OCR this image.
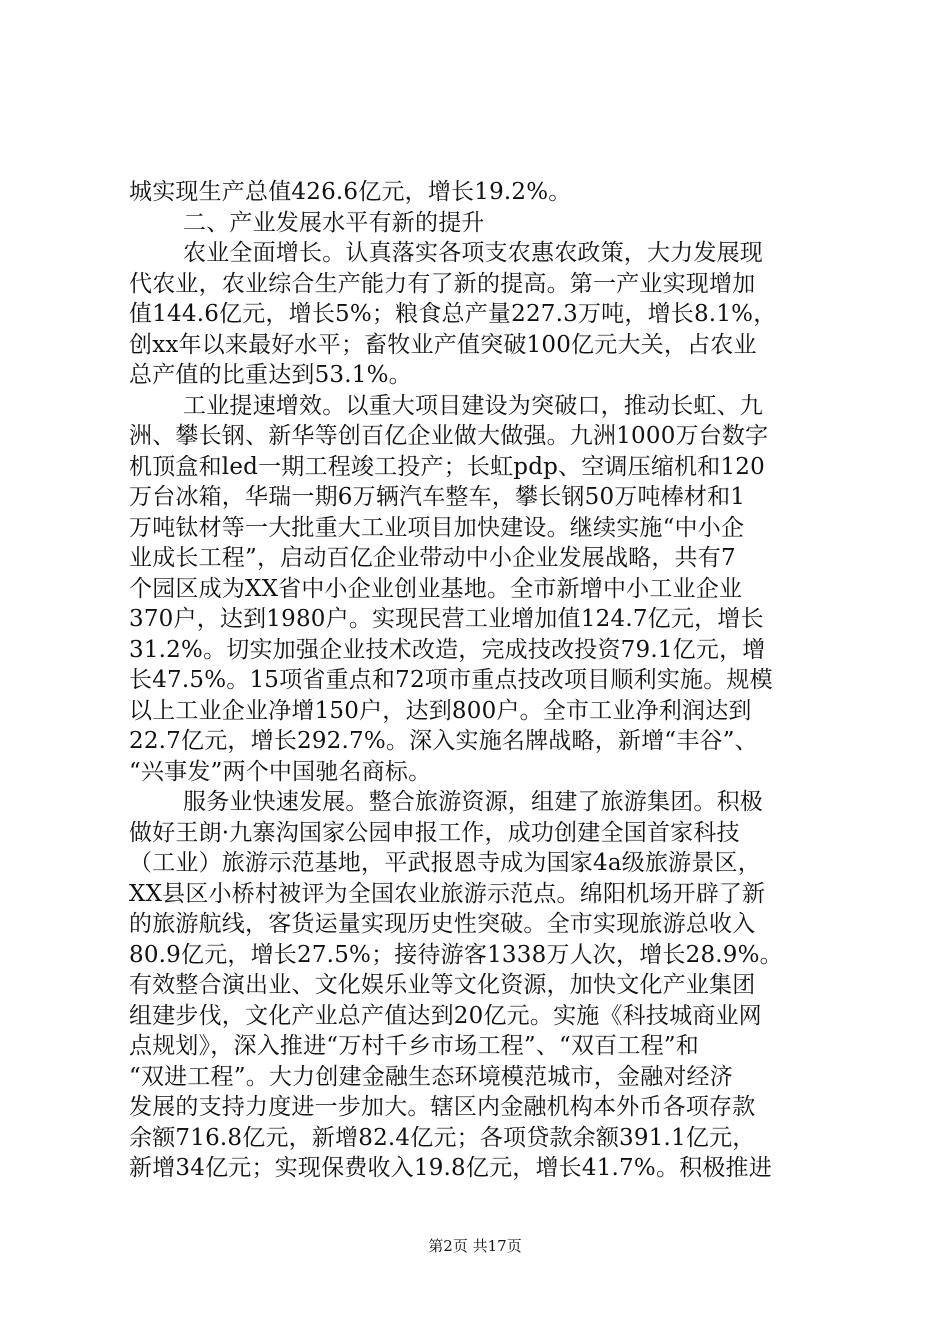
城实现生产总值426.6亿元，增长19.2%。
二、产业发展水平有新的提升
农业全面增长。认真落实各项支农惠农政策，大力发展现
代农业，农业综合生产能力有了新的提高。第一产业实现增加
值144.6亿元，增长5%；粮食总产量227.3万吨，增长8.1%，
创xx年以来最好水平；畜牧业产值突破100亿元大关，占农业
总产值的比重达到53.1%。
工业提速增效。以重大项目建设为突破口，推动长虹、九
洲、攀长钢、新华等创百亿企业做大做强。九洲1000万台数字
机顶盒和led一期工程竣工投产；长虹pdp、空调压缩机和120
万台冰箱，华瑞一期6万辆汽车整车，攀长钢50万吨棒材和1
万吨钛材等一大批重大工业项目加快建设。继续实施“中小企
业成长工程”，启动百亿企业带动中小企业发展战略，共有7
个园区成为XX省中小企业创业基地。全市新增中小工业企业
370户，达到1980户。实现民营工业增加值124.7亿元，增长
31.2%。切实加强企业技术改造，完成技改投资79.1亿元，增
长47.5%。15项省重点和72项市重点技改项目顺利实施。规模
以上工业企业净增150户，达到800户。全市工业净利润达到
22.7亿元，增长292.7%。深入实施名牌战略，新增“丰谷”、
“兴事发”两个中国驰名商标。
服务业快速发展。整合旅游资源，组建了旅游集团。积极
做好王朗·九寨沟国家公园申报工作，成功创建全国首家科技
（工业）旅游示范基地，平武报恩寺成为国家4a级旅游景区，
XX县区小桥村被评为全国农业旅游示范点。绵阳机场开辟了新
的旅游航线，客货运量实现历史性突破。全市实现旅游总收入
80.9亿元，增长27.5%；接待游客1338万人次，增长28.9%。
有效整合演出业、文化娱乐业等文化资源，加快文化产业集团
组建步伐，文化产业总产值达到20亿元。实施《科技城商业网
点规划》，深入推进“万村千乡市场工程”、“双百工程”和
“双进工程”。大力创建金融生态环境模范城市，金融对经济
发展的支持力度进一步加大。辖区内金融机构本外币各项存款
余额716.8亿元，新增82.4亿元；各项贷款余额391.1亿元，
新增34亿元；实现保费收入19.8亿元，增长41.7%。积极推进
第2页 共17页
